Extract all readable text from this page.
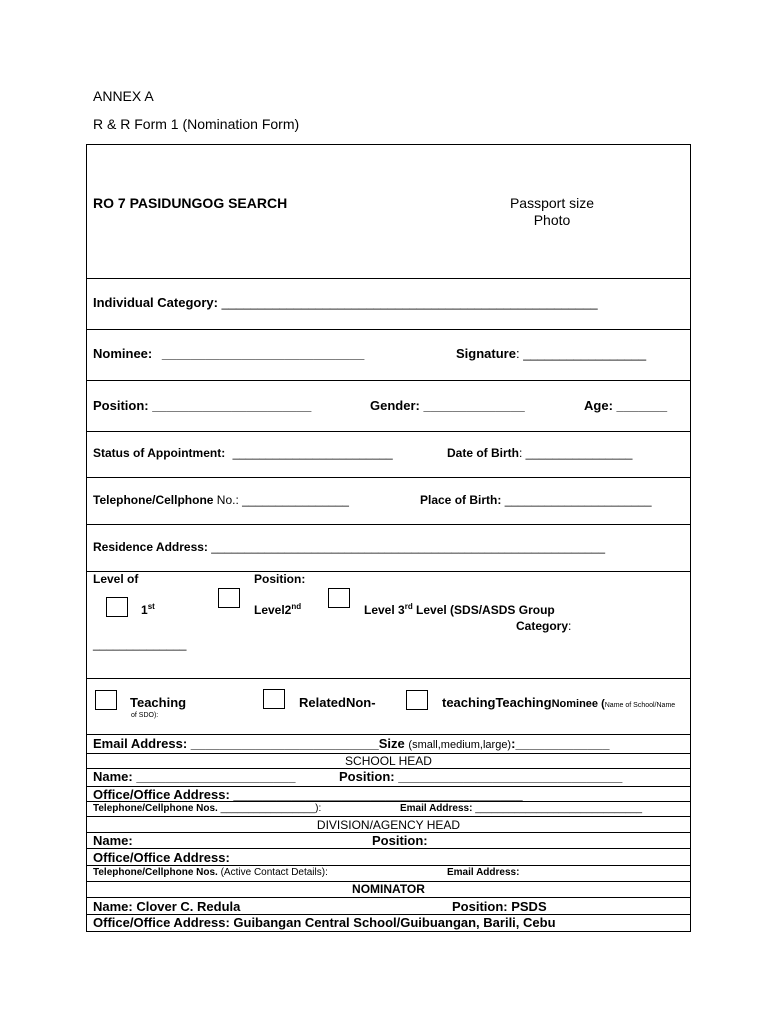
ANNEX A
R & R Form 1 (Nomination Form)
RO 7 PASIDUNGOG SEARCH	Passport size
Photo
Individual Category: ____________________________________________________
Nominee: ____________________________	Signature: _________________
Position: ______________________	Gender: ______________	Age: _______
Status of Appointment: ________________________	Date of Birth: ________________
Telephone/Cellphone No.: ________________	Place of Birth: ______________________
Residence Address: ___________________________________________________________
Level of	Position:
1st	Level2nd	Level 3rd Level (SDS/ASDS Group
Category:
______________
Teaching	RelatedNon-	teachingTeachingNominee (Name of School/Name
of SDO):
Email Address: __________________________Size (small,medium,large):_____________
SCHOOL HEAD
Name: ______________________	Position: _______________________________
Office/Office Address: ________________________________________
Telephone/Cellphone Nos. _________________):	Email Address: ______________________________
DIVISION/AGENCY HEAD
Name:	Position:
Office/Office Address:
Telephone/Cellphone Nos. (Active Contact Details):	Email Address:
NOMINATOR
Name: Clover C. Redula	Position: PSDS
Office/Office Address: Guibangan Central School/Guibuangan, Barili, Cebu
